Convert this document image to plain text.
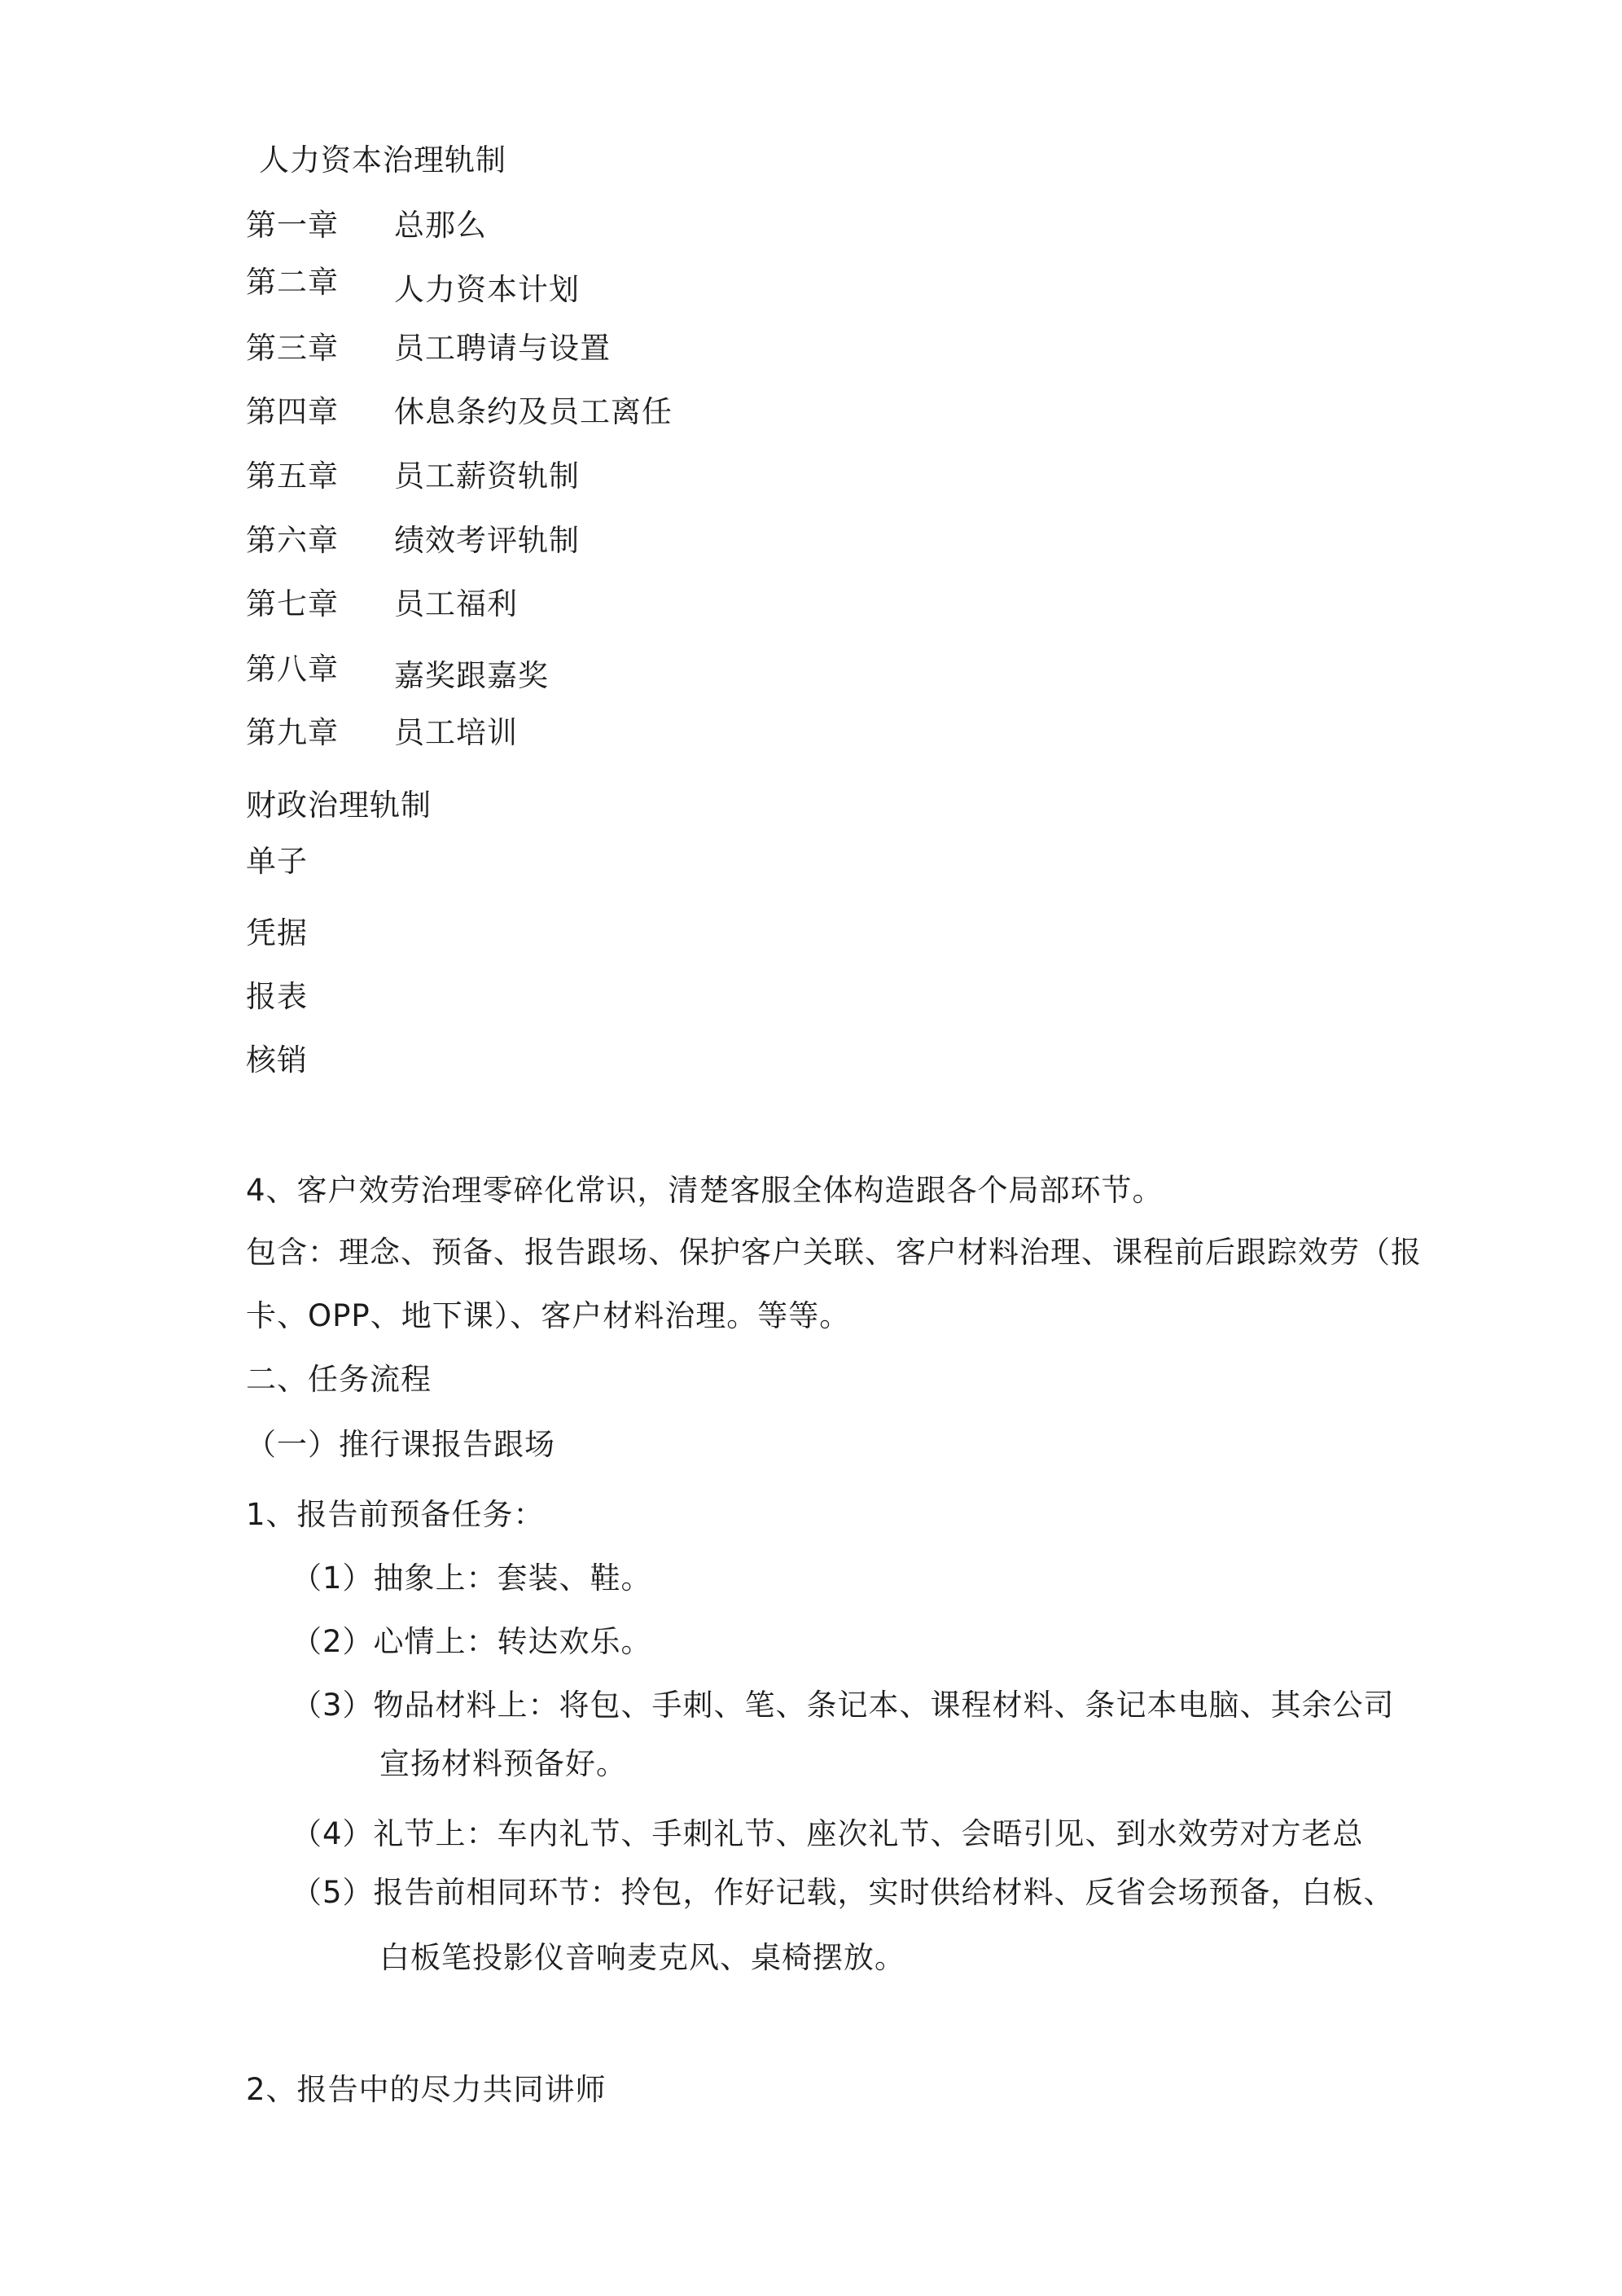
人力资本治理轨制
第一章 总那么
第二章 人力资本计划
第三章 员工聘请与设置
第四章 休息条约及员工离任
第五章 员工薪资轨制
第六章 绩效考评轨制
第七章 员工福利
第八章 嘉奖跟嘉奖
第九章 员工培训
财政治理轨制
单子
凭据
报表
核销
4、客户效劳治理零碎化常识，清楚客服全体构造跟各个局部环节。
包含：理念、预备、报告跟场、保护客户关联、客户材料治理、课程前后跟踪效劳（报
卡、OPP、地下课）、客户材料治理。等等。
二、任务流程
（一）推行课报告跟场
1、报告前预备任务：
（1）抽象上：套装、鞋。
（2）心情上：转达欢乐。
（3）物品材料上：将包、手刺、笔、条记本、课程材料、条记本电脑、其余公司
宣扬材料预备好。
（4）礼节上：车内礼节、手刺礼节、座次礼节、会晤引见、到水效劳对方老总
（5）报告前相同环节：拎包，作好记载，实时供给材料、反省会场预备，白板、
白板笔投影仪音响麦克风、桌椅摆放。
2、报告中的尽力共同讲师
